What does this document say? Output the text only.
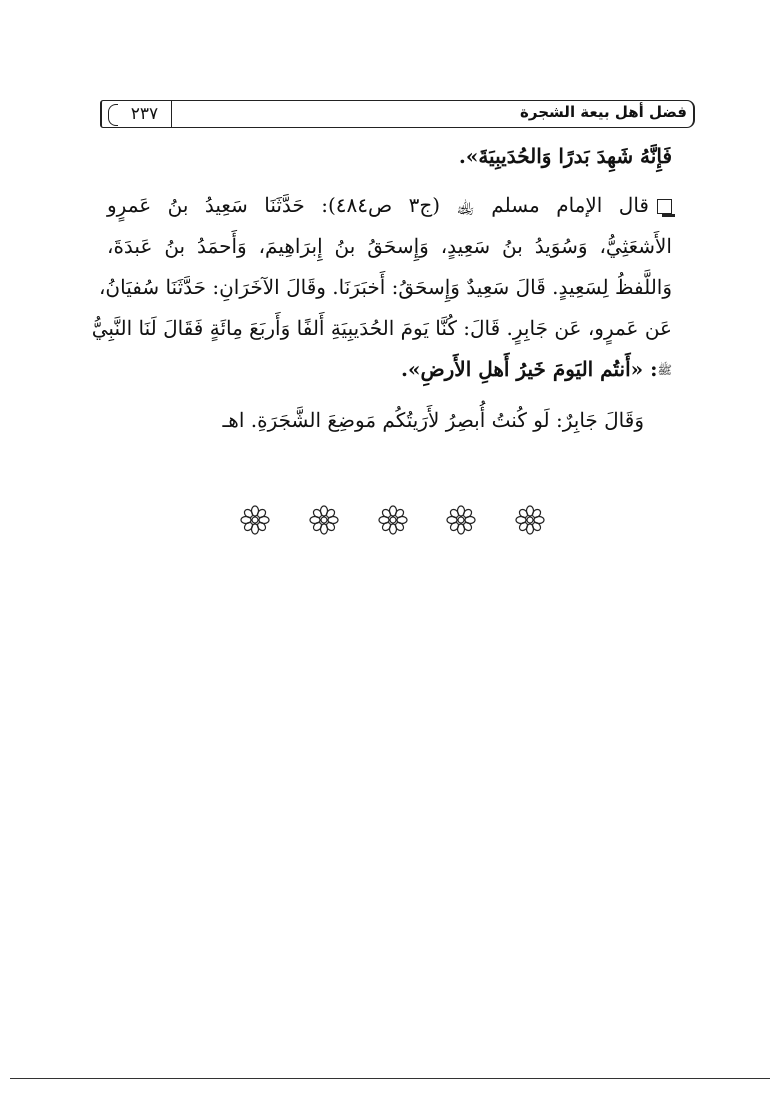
٢٣٧	فضل أهل بيعة الشجرة
فَإِنَّهُ شَهِدَ بَدرًا وَالحُدَيبِيَةَ».
قال الإمام مسلم ﵀ (ج٣ ص٤٨٤): حَدَّثَنَا سَعِيدُ بنُ عَمرٍو
الأَشعَثِيُّ، وَسُوَيدُ بنُ سَعِيدٍ، وَإِسحَقُ بنُ إِبرَاهِيمَ، وَأَحمَدُ بنُ عَبدَةَ،
وَاللَّفظُ لِسَعِيدٍ. قَالَ سَعِيدٌ وَإِسحَقُ: أَخبَرَنَا. وقَالَ الآخَرَانِ: حَدَّثَنَا سُفيَانُ،
عَن عَمرٍو، عَن جَابِرٍ. قَالَ: كُنَّا يَومَ الحُدَيبِيَةِ أَلفًا وَأَربَعَ مِائَةٍ فَقَالَ لَنَا النَّبِيُّ
ﷺ: «أَنتُم اليَومَ خَيرُ أَهلِ الأَرضِ».
وَقَالَ جَابِرٌ: لَو كُنتُ أُبصِرُ لأَرَيتُكُم مَوضِعَ الشَّجَرَةِ. اهـ
